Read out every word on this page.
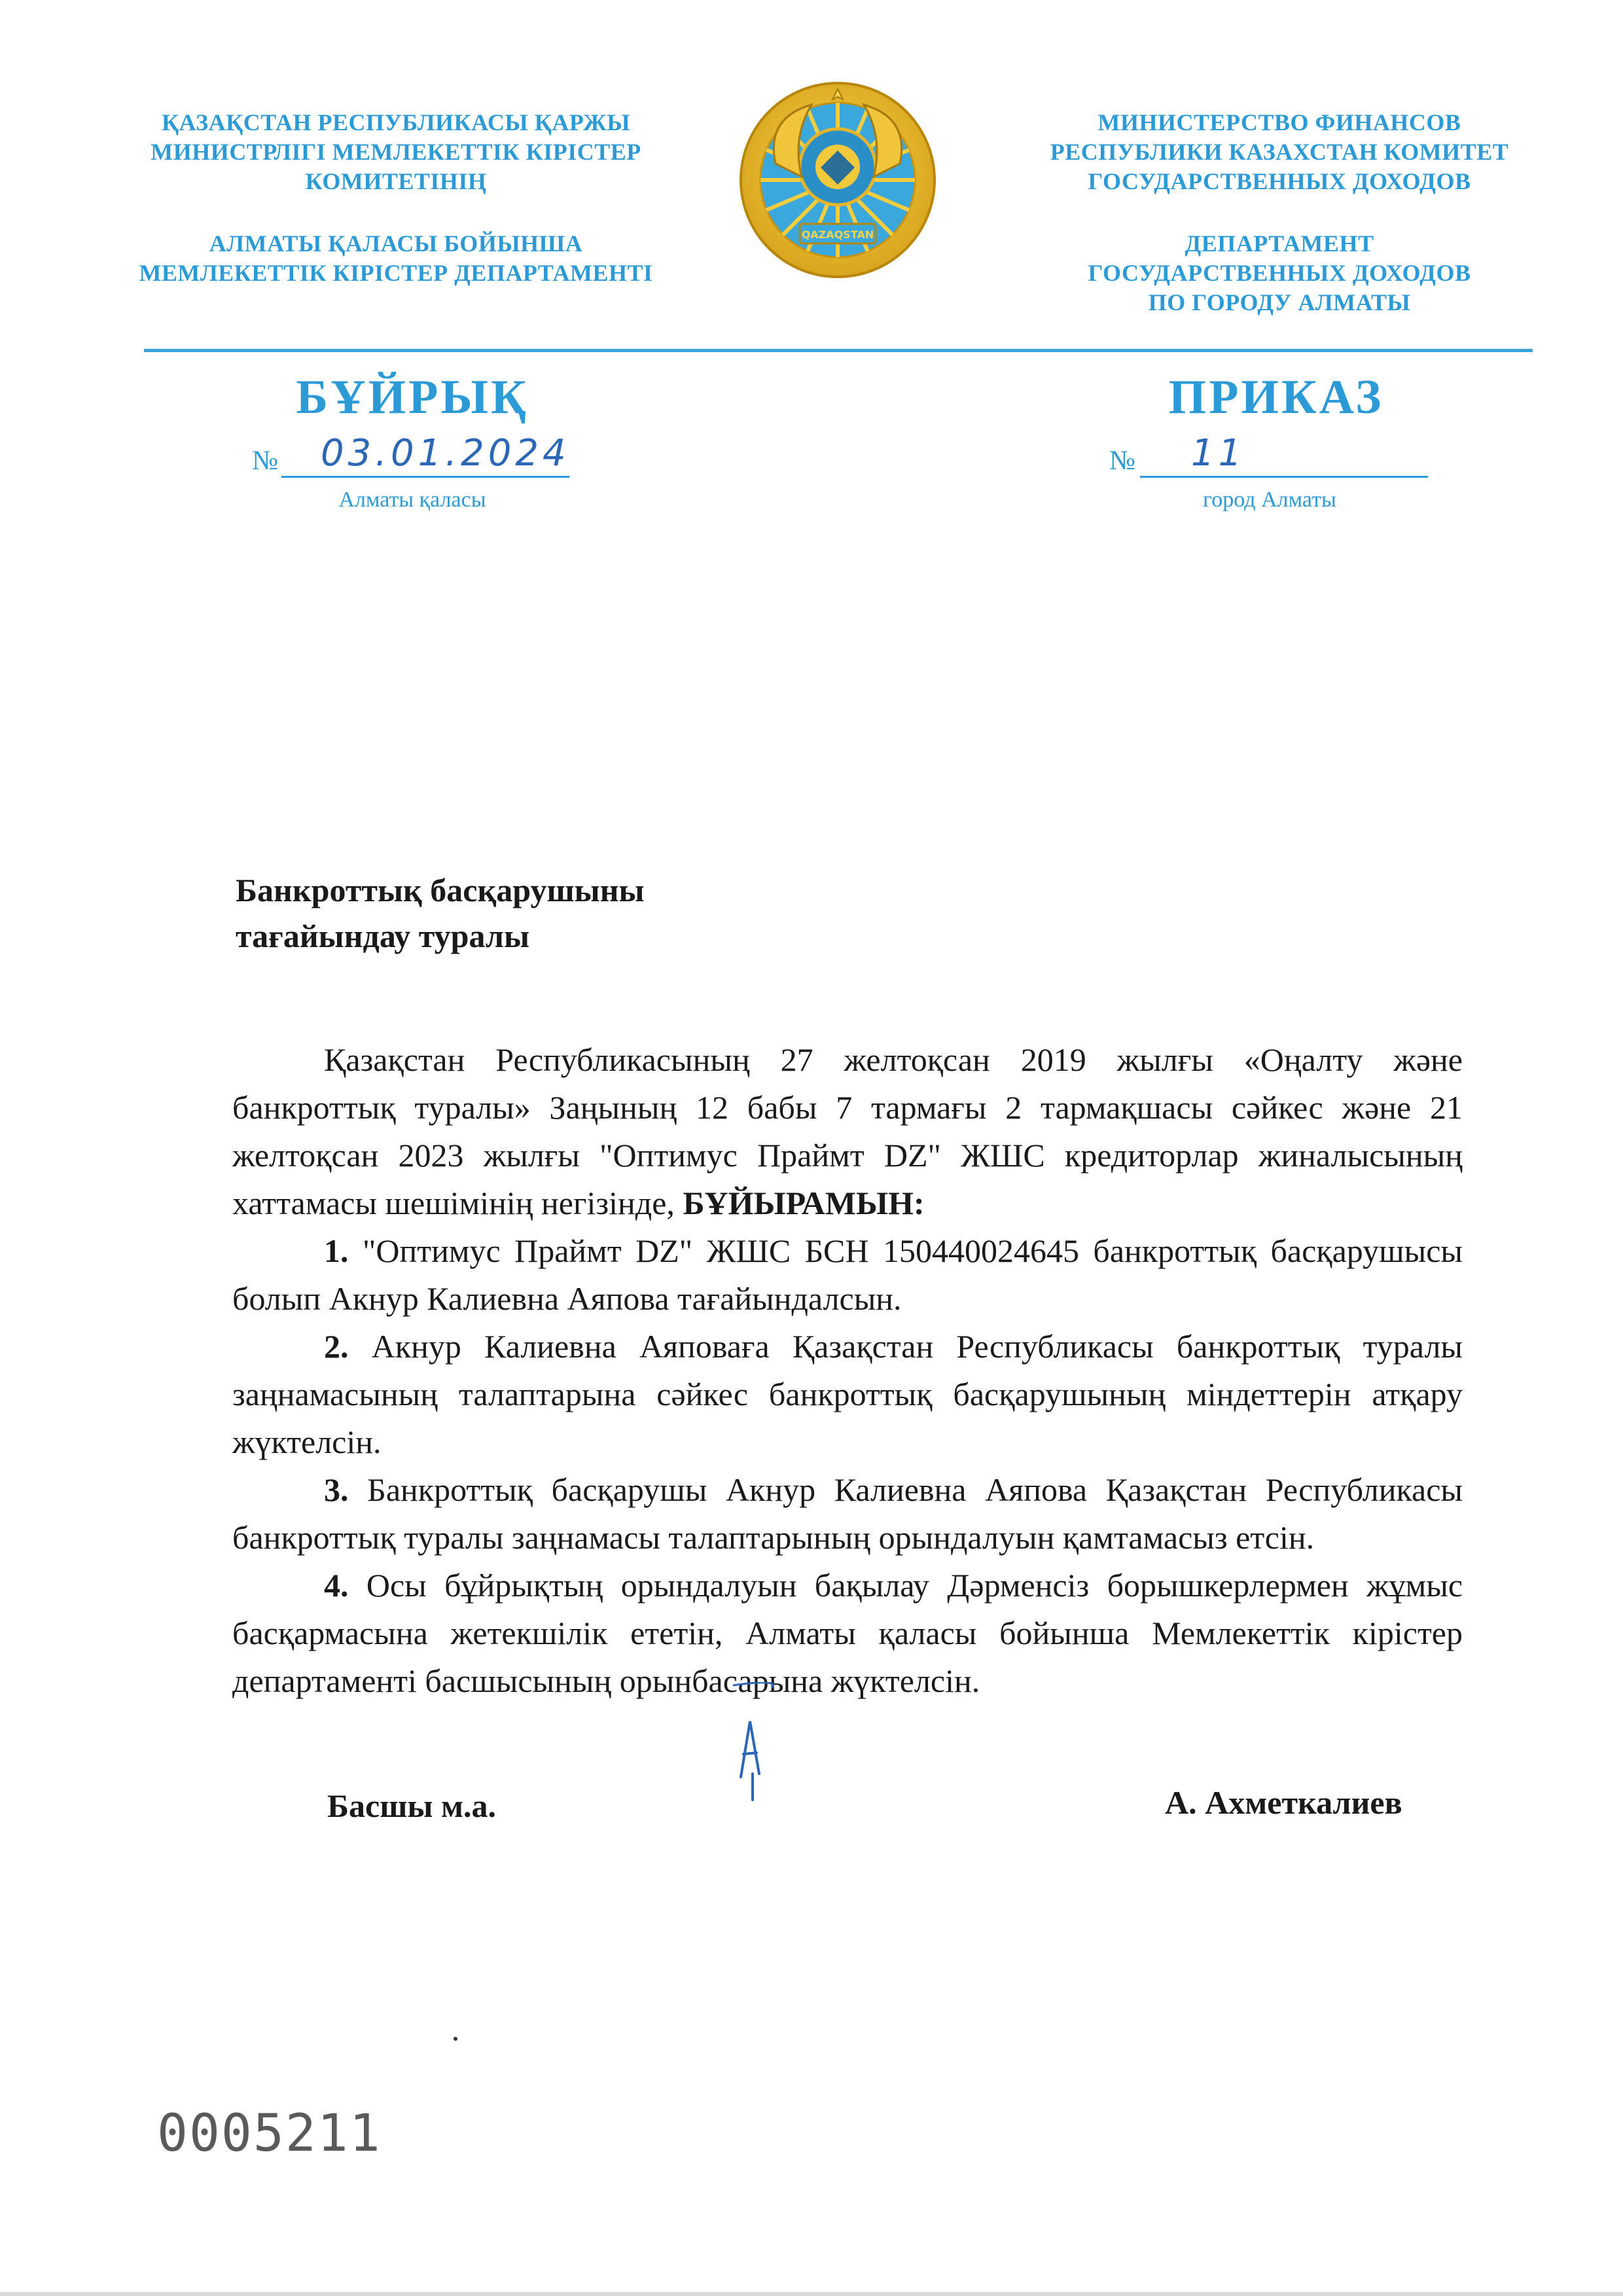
ҚАЗАҚСТАН РЕСПУБЛИКАСЫ ҚАРЖЫ
МИНИСТРЛІГІ МЕМЛЕКЕТТІК КІРІСТЕР
КОМИТЕТІНІҢ
АЛМАТЫ ҚАЛАСЫ БОЙЫНША
МЕМЛЕКЕТТІК КІРІСТЕР ДЕПАРТАМЕНТІ
QAZAQSTAN
МИНИСТЕРСТВО ФИНАНСОВ
РЕСПУБЛИКИ КАЗАХСТАН КОМИТЕТ
ГОСУДАРСТВЕННЫХ ДОХОДОВ
ДЕПАРТАМЕНТ
ГОСУДАРСТВЕННЫХ ДОХОДОВ
ПО ГОРОДУ АЛМАТЫ
БҰЙРЫҚ	ПРИКАЗ
№ 03.01.2024	№ 11
Алматы қаласы	город Алматы
Банкроттық басқарушыны
тағайындау туралы

Қазақстан Республикасының 27 желтоқсан 2019 жылғы «Оңалту және банкроттық туралы» Заңының 12 бабы 7 тармағы 2 тармақшасы сәйкес және 21 желтоқсан 2023 жылғы "Оптимус Праймт DZ" ЖШС кредиторлар жиналысының хаттамасы шешімінің негізінде, БҰЙЫРАМЫН:

1. "Оптимус Праймт DZ" ЖШС БСН 150440024645 банкроттық басқарушысы болып Акнур Калиевна Аяпова тағайындалсын.

2. Акнур Калиевна Аяповаға Қазақстан Республикасы банкроттық туралы заңнамасының талаптарына сәйкес банкроттық басқарушының міндеттерін атқару жүктелсін.

3. Банкроттық басқарушы Акнур Калиевна Аяпова Қазақстан Республикасы банкроттық туралы заңнамасы талаптарының орындалуын қамтамасыз етсін.

4. Осы бұйрықтың орындалуын бақылау Дәрменсіз борышкерлермен жұмыс басқармасына жетекшілік ететін, Алматы қаласы бойынша Мемлекеттік кірістер департаменті басшысының орынбасарына жүктелсін.

Басшы м.а.	А. Ахметкалиев
0005211
